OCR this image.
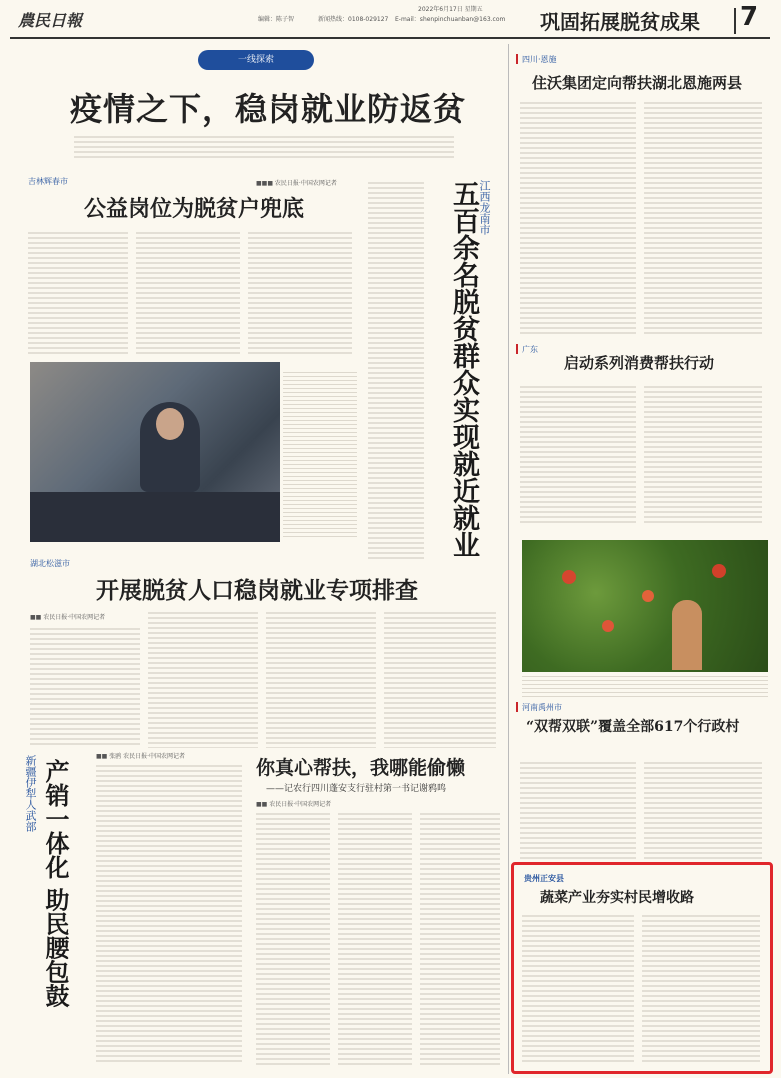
農民日報	编辑：陈子智	新闻热线：0108-029127 E-mail：shenpinchuanban@163.com
2022年6月17日 星期五
巩固拓展脱贫成果 7
一线探索
疫情之下，稳岗就业防返贫
吉林辉春市	■■■ 农民日报·中国农网记者
公益岗位为脱贫户兜底	江西龙南市
五百余名脱贫群众实现就近就业
湖北松滋市
开展脱贫人口稳岗就业专项排查
■■ 农民日报·中国农网记者
新疆伊犁人武部 产销一体化 助民腰包鼓
■■ 张鸥 农民日报·中国农网记者
你真心帮扶，我哪能偷懒
——记农行四川蓬安支行驻村第一书记谢鸦鸣
■■ 农民日报·中国农网记者
四川·恩施
住沃集团定向帮扶湖北恩施两县
广东
启动系列消费帮扶行动
河南禹州市
“双帮双联”覆盖全部617个行政村
贵州正安县
蔬菜产业夯实村民增收路
